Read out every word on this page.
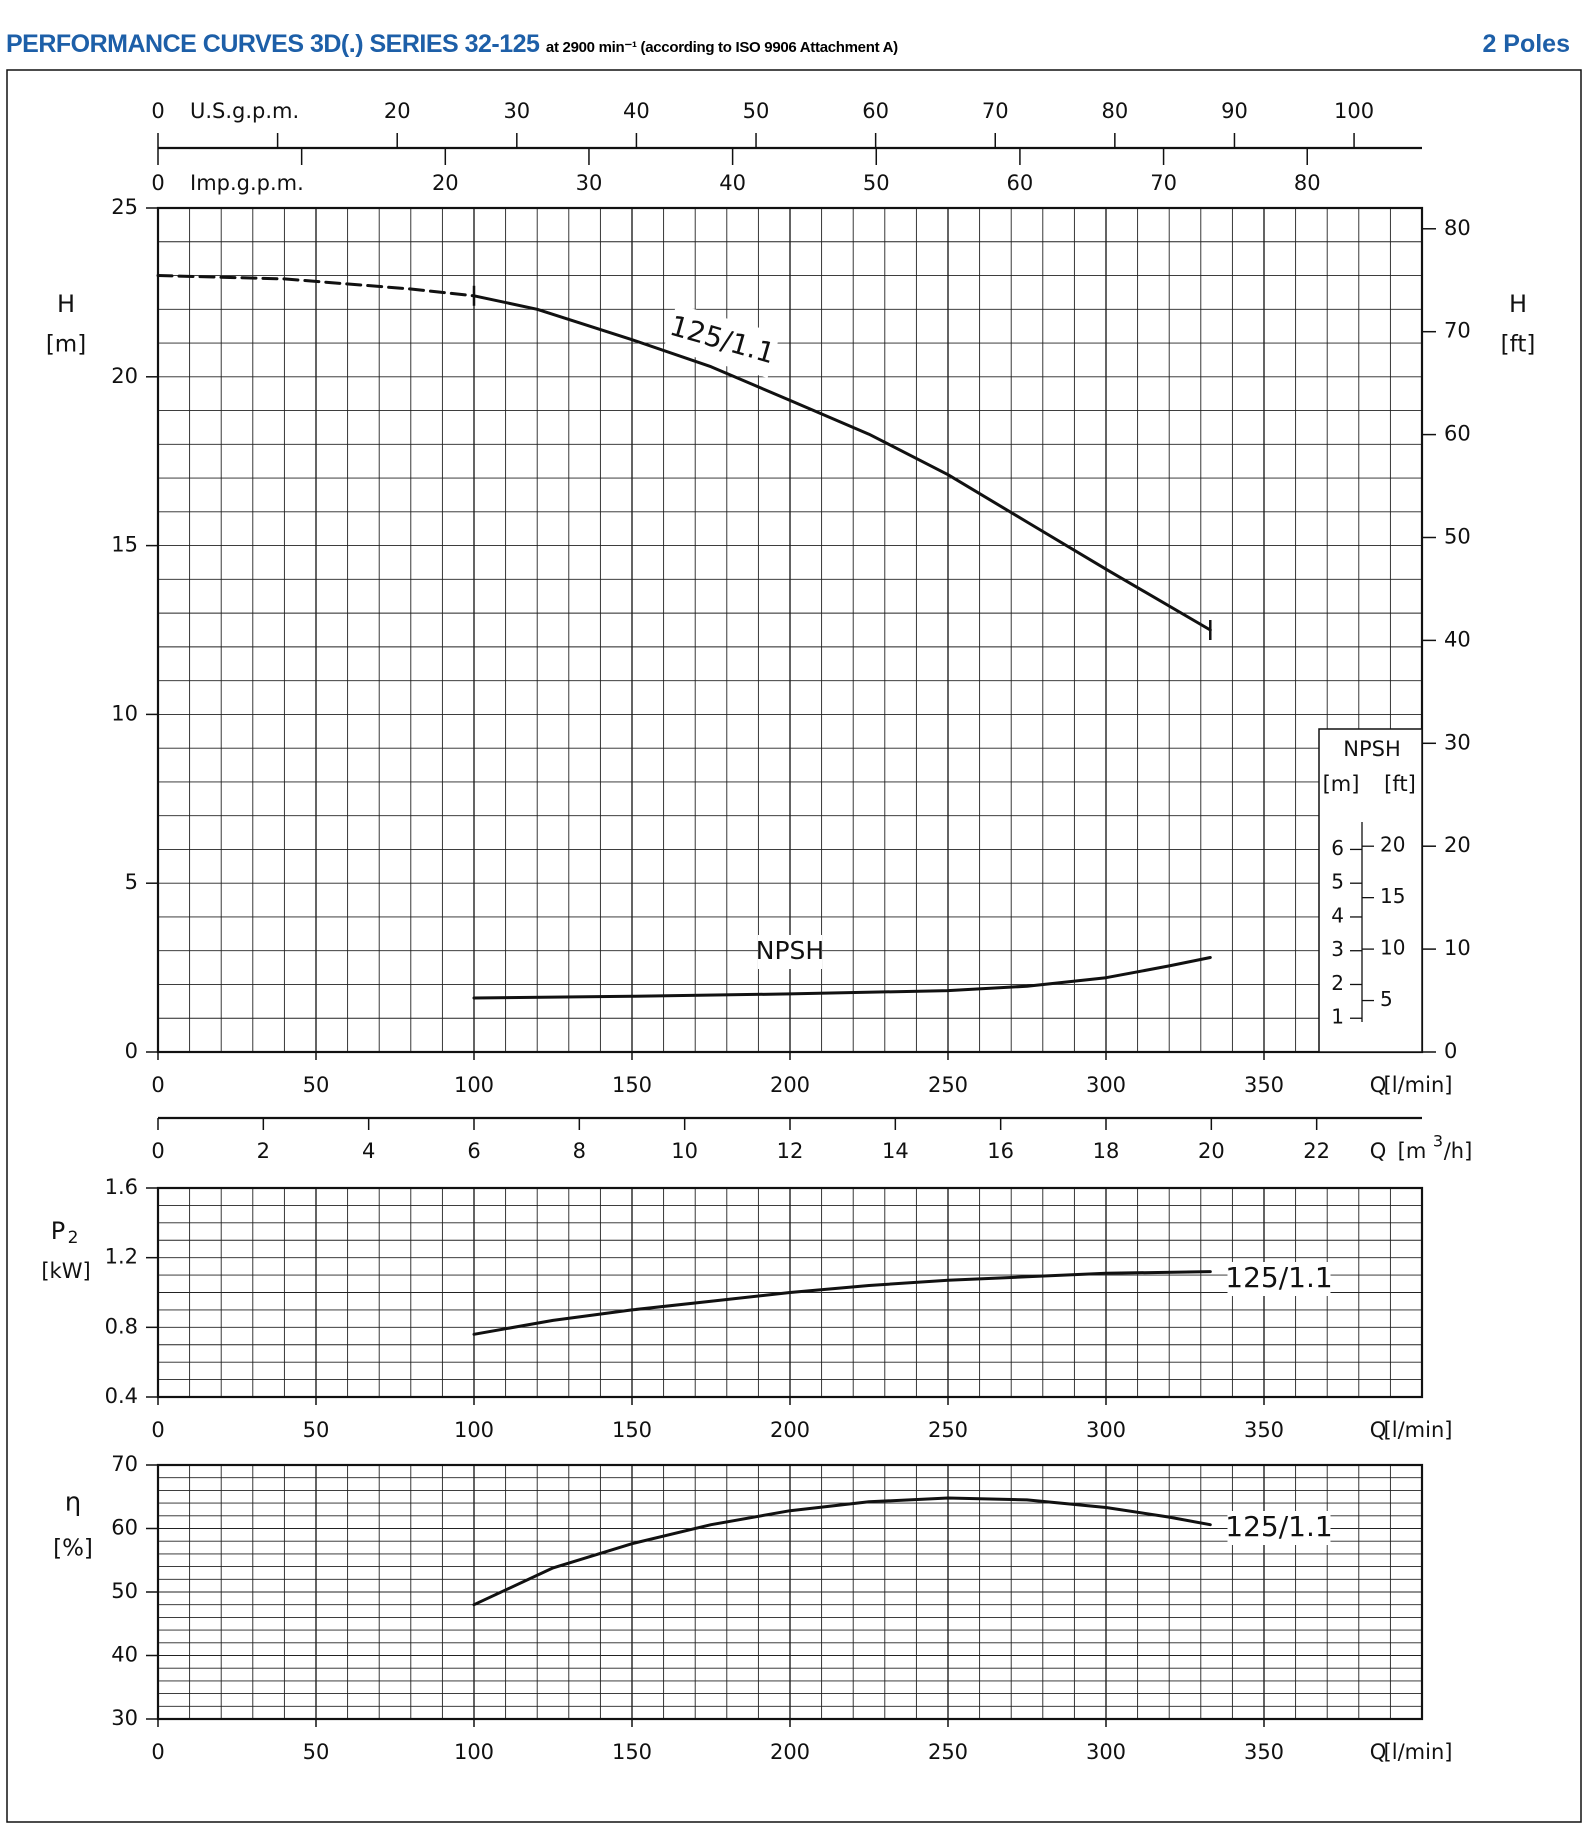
PERFORMANCE CURVES 3D(.) SERIES 32-125 at 2900 min⁻¹ (according to ISO 9906 Attachment A)	2 Poles
0
5
10
15
20
25
0	50	100	150	200	250	300	350	Q
[l/min]
H
[m]
0
10
20
30
40
50
60
70
80
H
[ft]
0	20	30	40	50	60	70	80	90	100
U.S.g.p.m.
0	20	30	40	50	60	70	80
Imp.g.p.m.
125/1.1
NPSH
NPSH
[m] [ft]
1
2
3
4
5
6
5
10
15
20
0	2	4	6	8	10	12	14	16	18	20	22 Q [m 3 /h]
0.4
0.8
1.2
1.6
0	50	100	150	200	250	300	350	Q
[l/min]
P 2
[kW]	125/1.1
30
40
50
60
70
0	50	100	150	200	250	300	350	Q
[l/min]
η
[%]
125/1.1
